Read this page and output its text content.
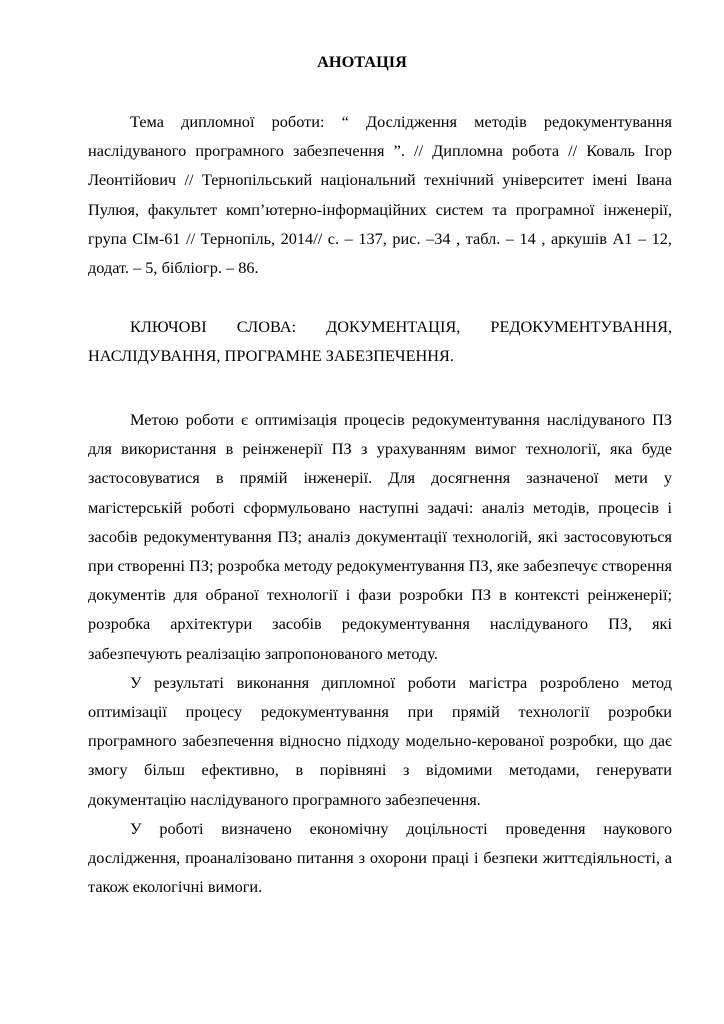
АНОТАЦІЯ

Тема дипломної роботи: “ Дослідження методів редокументування наслідуваного програмного забезпечення ”. // Дипломна робота // Коваль Ігор Леонтійович // Тернопільський національний технічний університет імені Івана Пулюя, факультет комп’ютерно-інформаційних систем та програмної інженерії, група СІм-61 // Тернопіль, 2014// с. – 137, рис. –34 , табл. – 14 , аркушів А1 – 12, додат. – 5, бібліогр. – 86.

КЛЮЧОВІ СЛОВА: ДОКУМЕНТАЦІЯ, РЕДОКУМЕНТУВАННЯ, НАСЛІДУВАННЯ, ПРОГРАМНЕ ЗАБЕЗПЕЧЕННЯ.

Метою роботи є оптимізація процесів редокументування наслідуваного ПЗ для використання в реінженерії ПЗ з урахуванням вимог технології, яка буде застосовуватися в прямій інженерії. Для досягнення зазначеної мети у магістерській роботі сформульовано наступні задачі: аналіз методів, процесів і засобів редокументування ПЗ; аналіз документації технологій, які застосовуються при створенні ПЗ; розробка методу редокументування ПЗ, яке забезпечує створення документів для обраної технології і фази розробки ПЗ в контексті реінженерії; розробка архітектури засобів редокументування наслідуваного ПЗ, які забезпечують реалізацію запропонованого методу.

У результаті виконання дипломної роботи магістра розроблено метод оптимізації процесу редокументування при прямій технології розробки програмного забезпечення відносно підходу модельно-керованої розробки, що дає змогу більш ефективно, в порівняні з відомими методами, генерувати документацію наслідуваного програмного забезпечення.

У роботі визначено економічну доцільності проведення наукового дослідження, проаналізовано питання з охорони праці і безпеки життєдіяльності, а також екологічні вимоги.
